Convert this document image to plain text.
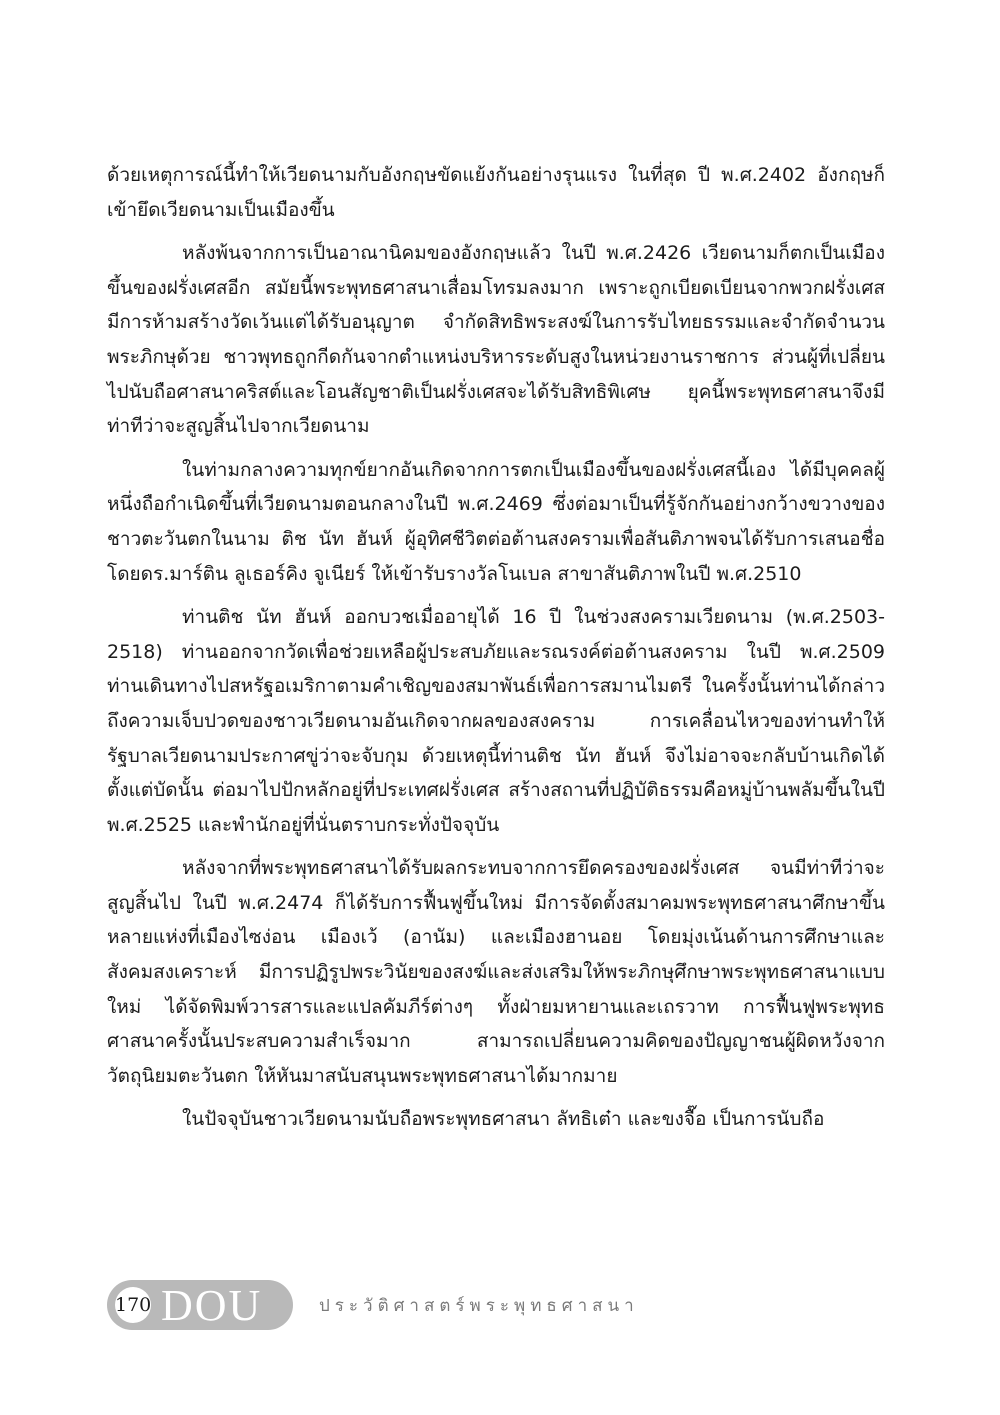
ด้วยเหตุการณ์นี้ทำให้เวียดนามกับอังกฤษขัดแย้งกันอย่างรุนแรง ในที่สุด ปี พ.ศ.2402 อังกฤษก็เข้ายึดเวียดนามเป็นเมืองขึ้น

หลังพ้นจากการเป็นอาณานิคมของอังกฤษแล้ว ในปี พ.ศ.2426 เวียดนามก็ตกเป็นเมืองขึ้นของฝรั่งเศสอีก สมัยนี้พระพุทธศาสนาเสื่อมโทรมลงมาก เพราะถูกเบียดเบียนจากพวกฝรั่งเศส มีการห้ามสร้างวัดเว้นแต่ได้รับอนุญาต จำกัดสิทธิพระสงฆ์ในการรับไทยธรรมและจำกัดจำนวนพระภิกษุด้วย ชาวพุทธถูกกีดกันจากตำแหน่งบริหารระดับสูงในหน่วยงานราชการ ส่วนผู้ที่เปลี่ยนไปนับถือศาสนาคริสต์และโอนสัญชาติเป็นฝรั่งเศสจะได้รับสิทธิพิเศษ ยุคนี้พระพุทธศาสนาจึงมีท่าทีว่าจะสูญสิ้นไปจากเวียดนาม

ในท่ามกลางความทุกข์ยากอันเกิดจากการตกเป็นเมืองขึ้นของฝรั่งเศสนี้เอง ได้มีบุคคลผู้หนึ่งถือกำเนิดขึ้นที่เวียดนามตอนกลางในปี พ.ศ.2469 ซึ่งต่อมาเป็นที่รู้จักกันอย่างกว้างขวางของชาวตะวันตกในนาม ติช นัท ฮันห์ ผู้อุทิศชีวิตต่อต้านสงครามเพื่อสันติภาพจนได้รับการเสนอชื่อโดยดร.มาร์ติน ลูเธอร์คิง จูเนียร์ ให้เข้ารับรางวัลโนเบล สาขาสันติภาพในปี พ.ศ.2510

ท่านติช นัท ฮันห์ ออกบวชเมื่ออายุได้ 16 ปี ในช่วงสงครามเวียดนาม (พ.ศ.2503-2518) ท่านออกจากวัดเพื่อช่วยเหลือผู้ประสบภัยและรณรงค์ต่อต้านสงคราม ในปี พ.ศ.2509 ท่านเดินทางไปสหรัฐอเมริกาตามคำเชิญของสมาพันธ์เพื่อการสมานไมตรี ในครั้งนั้นท่านได้กล่าวถึงความเจ็บปวดของชาวเวียดนามอันเกิดจากผลของสงคราม การเคลื่อนไหวของท่านทำให้รัฐบาลเวียดนามประกาศขู่ว่าจะจับกุม ด้วยเหตุนี้ท่านติช นัท ฮันห์ จึงไม่อาจจะกลับบ้านเกิดได้ตั้งแต่บัดนั้น ต่อมาไปปักหลักอยู่ที่ประเทศฝรั่งเศส สร้างสถานที่ปฏิบัติธรรมคือหมู่บ้านพลัมขึ้นในปี พ.ศ.2525 และพำนักอยู่ที่นั่นตราบกระทั่งปัจจุบัน

หลังจากที่พระพุทธศาสนาได้รับผลกระทบจากการยึดครองของฝรั่งเศส จนมีท่าทีว่าจะสูญสิ้นไป ในปี พ.ศ.2474 ก็ได้รับการฟื้นฟูขึ้นใหม่ มีการจัดตั้งสมาคมพระพุทธศาสนาศึกษาขึ้นหลายแห่งที่เมืองไซง่อน เมืองเว้ (อานัม) และเมืองฮานอย โดยมุ่งเน้นด้านการศึกษาและสังคมสงเคราะห์ มีการปฏิรูปพระวินัยของสงฆ์และส่งเสริมให้พระภิกษุศึกษาพระพุทธศาสนาแบบใหม่ ได้จัดพิมพ์วารสารและแปลคัมภีร์ต่างๆ ทั้งฝ่ายมหายานและเถรวาท การฟื้นฟูพระพุทธศาสนาครั้งนั้นประสบความสำเร็จมาก สามารถเปลี่ยนความคิดของปัญญาชนผู้ผิดหวังจากวัตถุนิยมตะวันตก ให้หันมาสนับสนุนพระพุทธศาสนาได้มากมาย

ในปัจจุบันชาวเวียดนามนับถือพระพุทธศาสนา ลัทธิเต๋า และขงจื๊อ เป็นการนับถือ

170 DOU	ประวัติศาสตร์พระพุทธศาสนา
